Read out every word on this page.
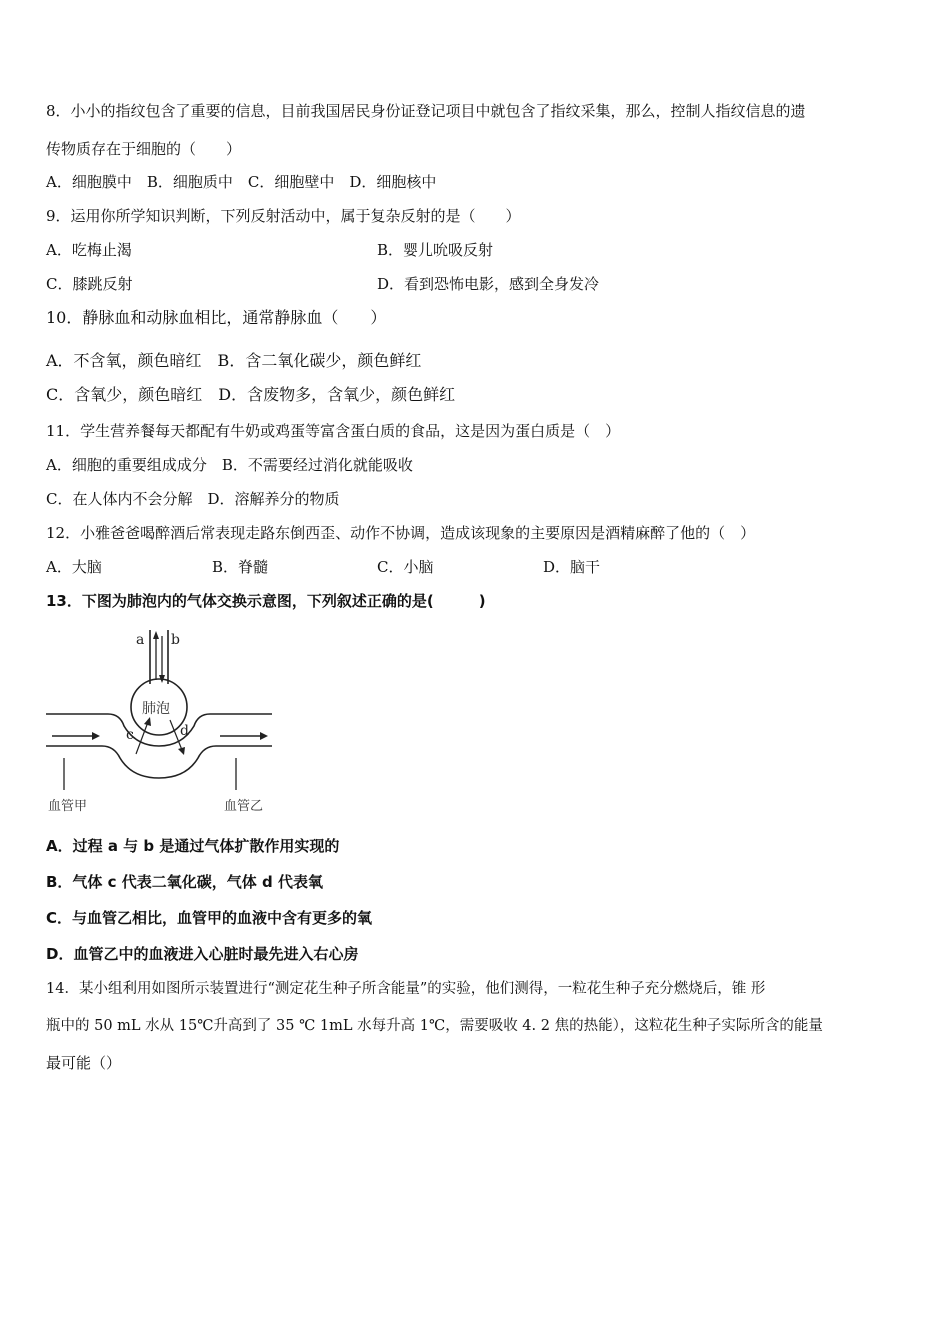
8．小小的指纹包含了重要的信息，目前我国居民身份证登记项目中就包含了指纹采集，那么，控制人指纹信息的遗
传物质存在于细胞的（　　）
A．细胞膜中　B．细胞质中　C．细胞壁中　D．细胞核中
9．运用你所学知识判断，下列反射活动中，属于复杂反射的是（　　）
A．吃梅止渴	B．婴儿吮吸反射
C．膝跳反射	D．看到恐怖电影，感到全身发冷
10．静脉血和动脉血相比，通常静脉血（　　）
A．不含氧，颜色暗红　B．含二氧化碳少，颜色鲜红
C．含氧少，颜色暗红　D．含废物多，含氧少，颜色鲜红
11．学生营养餐每天都配有牛奶或鸡蛋等富含蛋白质的食品，这是因为蛋白质是（　）
A．细胞的重要组成成分　B．不需要经过消化就能吸收
C．在人体内不会分解　D．溶解养分的物质
12．小雅爸爸喝醉酒后常表现走路东倒西歪、动作不协调，造成该现象的主要原因是酒精麻醉了他的（　）
A．大脑	B．脊髓	C．小脑	D．脑干
13．下图为肺泡内的气体交换示意图，下列叙述正确的是(　　　)
a b
肺泡
c	d
血管甲	血管乙
A．过程 a 与 b 是通过气体扩散作用实现的
B．气体 c 代表二氧化碳，气体 d 代表氧
C．与血管乙相比，血管甲的血液中含有更多的氧
D．血管乙中的血液进入心脏时最先进入右心房
14．某小组利用如图所示装置进行“测定花生种子所含能量”的实验，他们测得，一粒花生种子充分燃烧后，锥 形
瓶中的 50 mL 水从 15℃升高到了 35 ℃ 1mL 水每升高 1℃，需要吸收 4. 2 焦的热能），这粒花生种子实际所含的能量
最可能（）
